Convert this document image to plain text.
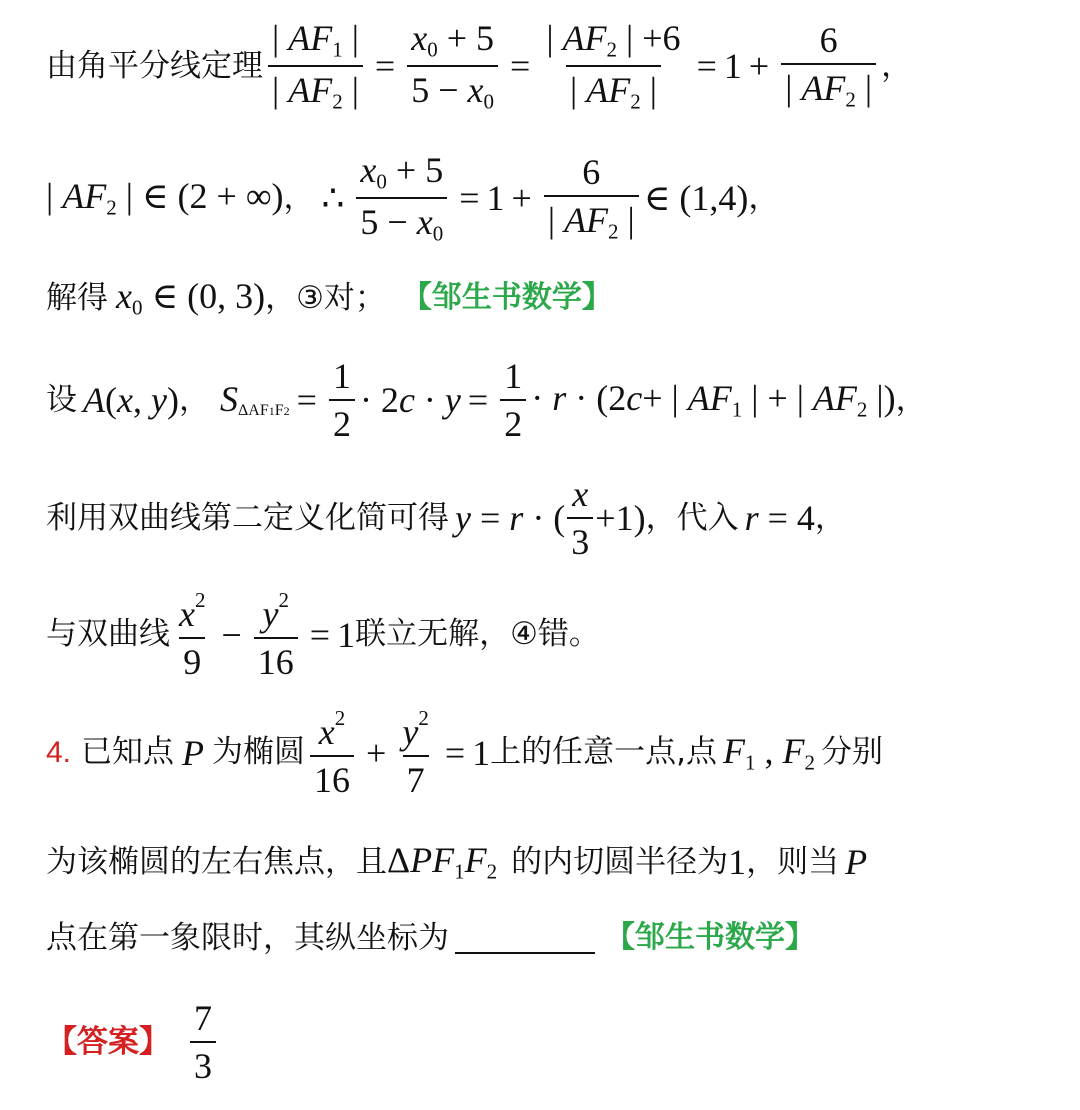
由角平分线定理 $\frac{| AF_1 |}{| AF_2 |} = \frac{x_0 + 5}{5 - x_0} = \frac{| AF_2 | +6}{| AF_2 |} = 1 + \frac{6}{| AF_2 |}$ ，
| $AF_2$ | ∈ (2 + ∞) ， ∴ $\frac{x_0 + 5}{5 - x_0} = 1 + \frac{6}{| AF_2 |}$ ∈ (1,4) ，
解得 $x_0$ ∈ (0, 3) ，③对； 【邹生书数学】
设 A(x, y) ， $S_{\Delta AF1F2} = \frac{1}{2} \cdot 2c \cdot y = \frac{1}{2} \cdot r \cdot (2c+$ | $AF_1$ | + | $AF_2$ |) ，
利用双曲线第二定义化简可得 y = r · ( $\frac{x}{3} +1$) ，代入 r = 4 ，
与双曲线 $\frac{x^2}{9} - \frac{y^2}{16} = 1$ 联立无解，④错。
4. 已知点 P 为椭圆 $\frac{x^2}{16} + \frac{y^2}{7} = 1$ 上的任意一点,点 $F_1$ , $F_2$ 分别
为该椭圆的左右焦点，且 $\Delta PF_1F_2$ 的内切圆半径为 1 ，则当 P
点在第一象限时，其纵坐标为	【邹生书数学】
【答案】 $\frac{7}{3}$
